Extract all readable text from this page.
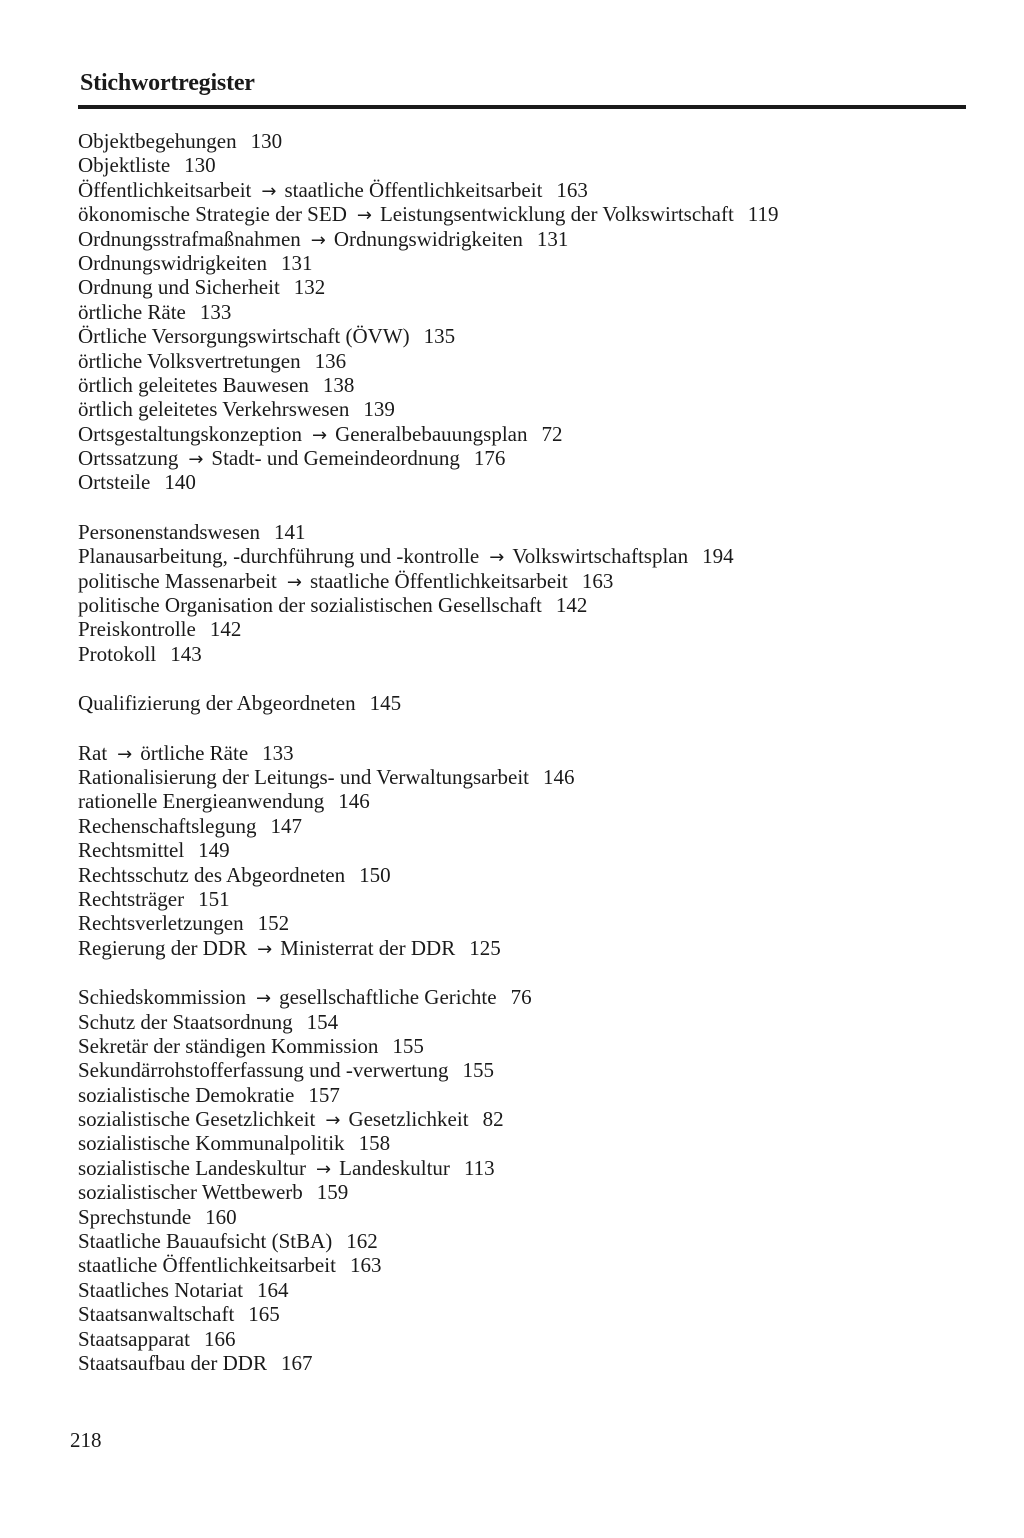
Stichwortregister
Objektbegehungen 130
Objektliste 130
Öffentlichkeitsarbeit → staatliche Öffentlichkeitsarbeit 163
ökonomische Strategie der SED → Leistungsentwicklung der Volkswirtschaft 119
Ordnungsstrafmaßnahmen → Ordnungswidrigkeiten 131
Ordnungswidrigkeiten 131
Ordnung und Sicherheit 132
örtliche Räte 133
Örtliche Versorgungswirtschaft (ÖVW) 135
örtliche Volksvertretungen 136
örtlich geleitetes Bauwesen 138
örtlich geleitetes Verkehrswesen 139
Ortsgestaltungskonzeption → Generalbebauungsplan 72
Ortssatzung → Stadt- und Gemeindeordnung 176
Ortsteile 140
Personenstandswesen 141
Planausarbeitung, -durchführung und -kontrolle → Volkswirtschaftsplan 194
politische Massenarbeit → staatliche Öffentlichkeitsarbeit 163
politische Organisation der sozialistischen Gesellschaft 142
Preiskontrolle 142
Protokoll 143
Qualifizierung der Abgeordneten 145
Rat → örtliche Räte 133
Rationalisierung der Leitungs- und Verwaltungsarbeit 146
rationelle Energieanwendung 146
Rechenschaftslegung 147
Rechtsmittel 149
Rechtsschutz des Abgeordneten 150
Rechtsträger 151
Rechtsverletzungen 152
Regierung der DDR → Ministerrat der DDR 125
Schiedskommission → gesellschaftliche Gerichte 76
Schutz der Staatsordnung 154
Sekretär der ständigen Kommission 155
Sekundärrohstofferfassung und -verwertung 155
sozialistische Demokratie 157
sozialistische Gesetzlichkeit → Gesetzlichkeit 82
sozialistische Kommunalpolitik 158
sozialistische Landeskultur → Landeskultur 113
sozialistischer Wettbewerb 159
Sprechstunde 160
Staatliche Bauaufsicht (StBA) 162
staatliche Öffentlichkeitsarbeit 163
Staatliches Notariat 164
Staatsanwaltschaft 165
Staatsapparat 166
Staatsaufbau der DDR 167
218
